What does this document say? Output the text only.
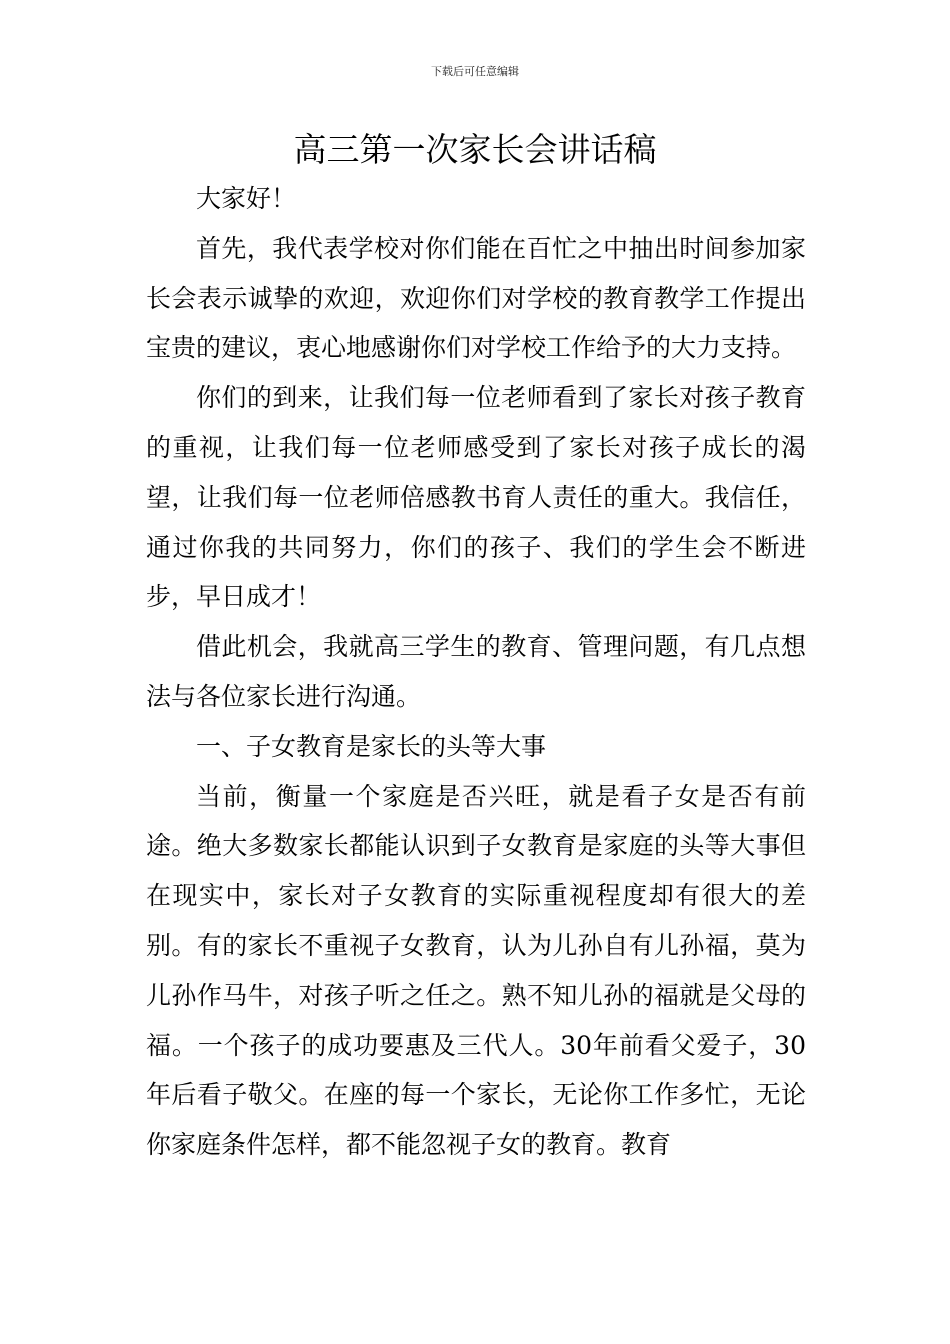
下载后可任意编辑
高三第一次家长会讲话稿

大家好！

首先，我代表学校对你们能在百忙之中抽出时间参加家长会表示诚挚的欢迎，欢迎你们对学校的教育教学工作提出宝贵的建议，衷心地感谢你们对学校工作给予的大力支持。

你们的到来，让我们每一位老师看到了家长对孩子教育的重视，让我们每一位老师感受到了家长对孩子成长的渴望，让我们每一位老师倍感教书育人责任的重大。我信任，通过你我的共同努力，你们的孩子、我们的学生会不断进步，早日成才！

借此机会，我就高三学生的教育、管理问题，有几点想法与各位家长进行沟通。

一、子女教育是家长的头等大事

当前，衡量一个家庭是否兴旺，就是看子女是否有前途。绝大多数家长都能认识到子女教育是家庭的头等大事但在现实中，家长对子女教育的实际重视程度却有很大的差别。有的家长不重视子女教育，认为儿孙自有儿孙福，莫为儿孙作马牛，对孩子听之任之。熟不知儿孙的福就是父母的福。一个孩子的成功要惠及三代人。30年前看父爱子，30年后看子敬父。在座的每一个家长，无论你工作多忙，无论你家庭条件怎样，都不能忽视子女的教育。教育
